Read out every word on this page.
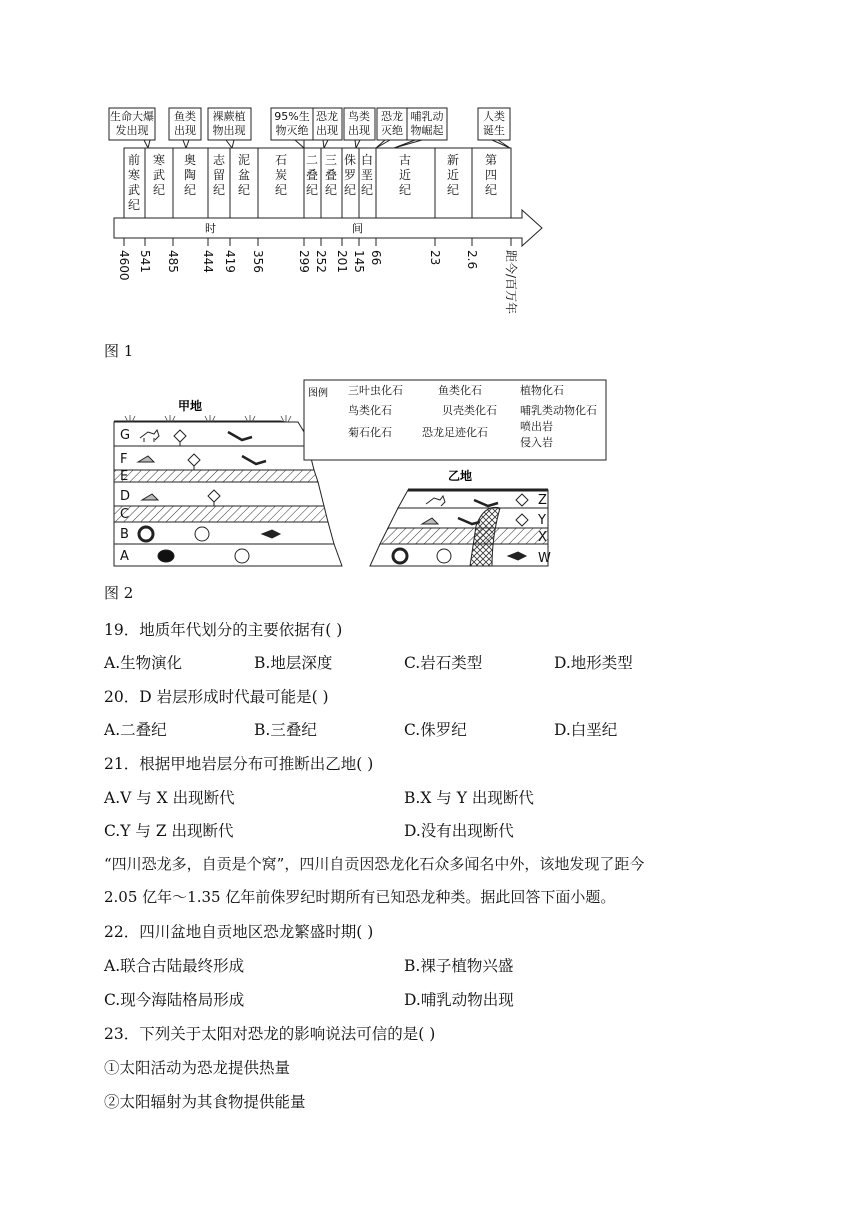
生命大爆发出现
鱼类出现
裸蕨植物出现
95%生物灭绝
恐龙出现
鸟类出现
恐龙灭绝
哺乳动物崛起
人类诞生
前寒武纪
寒武纪
奥陶纪
志留纪
泥盆纪
石炭纪
二叠纪
三叠纪
侏罗纪
白垩纪
古近纪
新近纪
第四纪
时	间
4600 541 485 444 419 356	299 252 201 145 66	23 2.6 距今/百万年
图 1
甲地
G
F
E
D
C
B
A
图例 三叶虫化石	鱼类化石	植物化石
鸟类化石	贝壳类化石 哺乳类动物化石
菊石化石	恐龙足迹化石	喷出岩
侵入岩
乙地
Z
Y
X
W
图 2
19．地质年代划分的主要依据有( )
A.生物演化	B.地层深度	C.岩石类型	D.地形类型
20．D 岩层形成时代最可能是( )
A.二叠纪	B.三叠纪	C.侏罗纪	D.白垩纪
21．根据甲地岩层分布可推断出乙地( )
A.V 与 X 出现断代	B.X 与 Y 出现断代
C.Y 与 Z 出现断代	D.没有出现断代
“四川恐龙多，自贡是个窝”，四川自贡因恐龙化石众多闻名中外，该地发现了距今
2.05 亿年～1.35 亿年前侏罗纪时期所有已知恐龙种类。据此回答下面小题。
22．四川盆地自贡地区恐龙繁盛时期( )
A.联合古陆最终形成	B.裸子植物兴盛
C.现今海陆格局形成	D.哺乳动物出现
23．下列关于太阳对恐龙的影响说法可信的是( )
①太阳活动为恐龙提供热量
②太阳辐射为其食物提供能量
